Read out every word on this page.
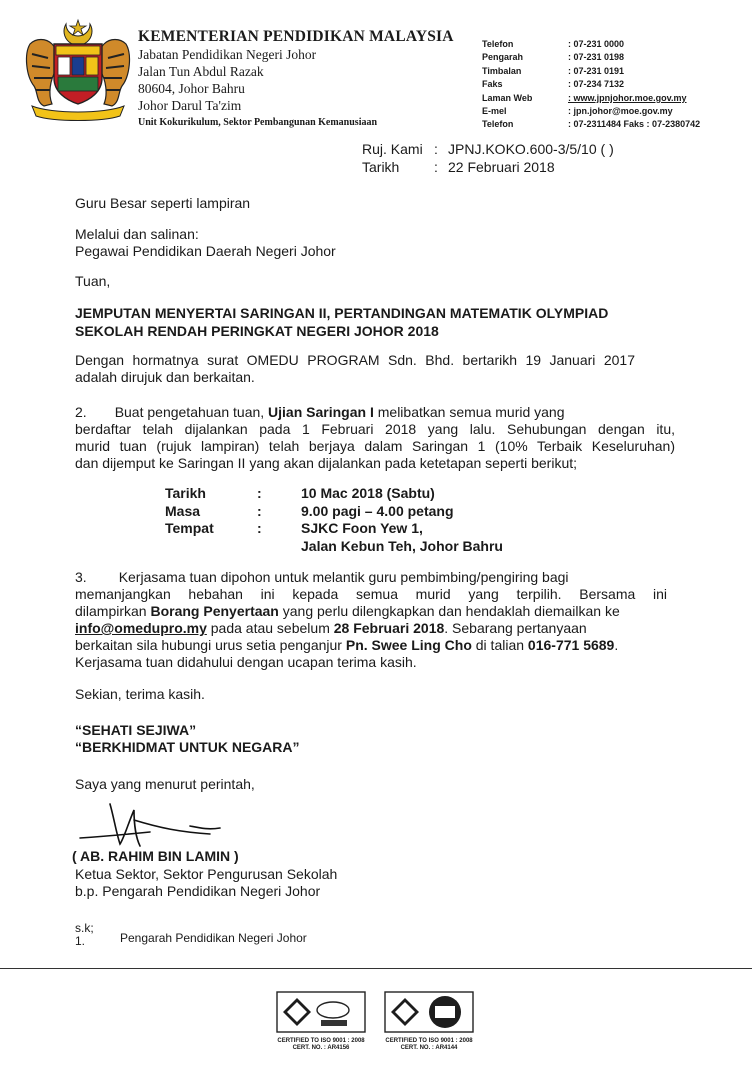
KEMENTERIAN PENDIDIKAN MALAYSIA
Jabatan Pendidikan Negeri Johor
Jalan Tun Abdul Razak
80604, Johor Bahru
Johor Darul Ta'zim
Unit Kokurikulum, Sektor Pembangunan Kemanusiaan
Telefon	: 07-231 0000
Pengarah	: 07-231 0198
Timbalan	: 07-231 0191
Faks	: 07-234 7132
Laman Web	: www.jpnjohor.moe.gov.my
E-mel	: jpn.johor@moe.gov.my
Telefon	: 07-2311484 Faks : 07-2380742
Ruj. Kami : JPNJ.KOKO.600-3/5/10 ( )
Tarikh	: 22 Februari 2018
Guru Besar seperti lampiran
Melalui dan salinan:
Pegawai Pendidikan Daerah Negeri Johor
Tuan,
JEMPUTAN MENYERTAI SARINGAN II, PERTANDINGAN MATEMATIK OLYMPIAD
SEKOLAH RENDAH PERINGKAT NEGERI JOHOR 2018
Dengan hormatnya surat OMEDU PROGRAM Sdn. Bhd. bertarikh 19 Januari 2017
adalah dirujuk dan berkaitan.
2. Buat pengetahuan tuan, Ujian Saringan I melibatkan semua murid yang
berdaftar telah dijalankan pada 1 Februari 2018 yang lalu. Sehubungan dengan itu,
murid tuan (rujuk lampiran) telah berjaya dalam Saringan 1 (10% Terbaik Keseluruhan)
dan dijemput ke Saringan II yang akan dijalankan pada ketetapan seperti berikut;
Tarikh	:	10 Mac 2018 (Sabtu)
Masa	:	9.00 pagi – 4.00 petang
Tempat	:	SJKC Foon Yew 1,
Jalan Kebun Teh, Johor Bahru
3. Kerjasama tuan dipohon untuk melantik guru pembimbing/pengiring bagi
memanjangkan hebahan ini kepada semua murid yang terpilih. Bersama ini
dilampirkan Borang Penyertaan yang perlu dilengkapkan dan hendaklah diemailkan ke
info@omedupro.my pada atau sebelum 28 Februari 2018. Sebarang pertanyaan
berkaitan sila hubungi urus setia penganjur Pn. Swee Ling Cho di talian 016-771 5689.
Kerjasama tuan didahului dengan ucapan terima kasih.
Sekian, terima kasih.
“SEHATI SEJIWA”
“BERKHIDMAT UNTUK NEGARA”
Saya yang menurut perintah,
( AB. RAHIM BIN LAMIN )
Ketua Sektor, Sektor Pengurusan Sekolah
b.p. Pengarah Pendidikan Negeri Johor
s.k;
1.	Pengarah Pendidikan Negeri Johor
CERTIFIED TO ISO 9001 : 2008
CERT. NO. : AR4156
CERTIFIED TO ISO 9001 : 2008
CERT. NO. : AR4144
